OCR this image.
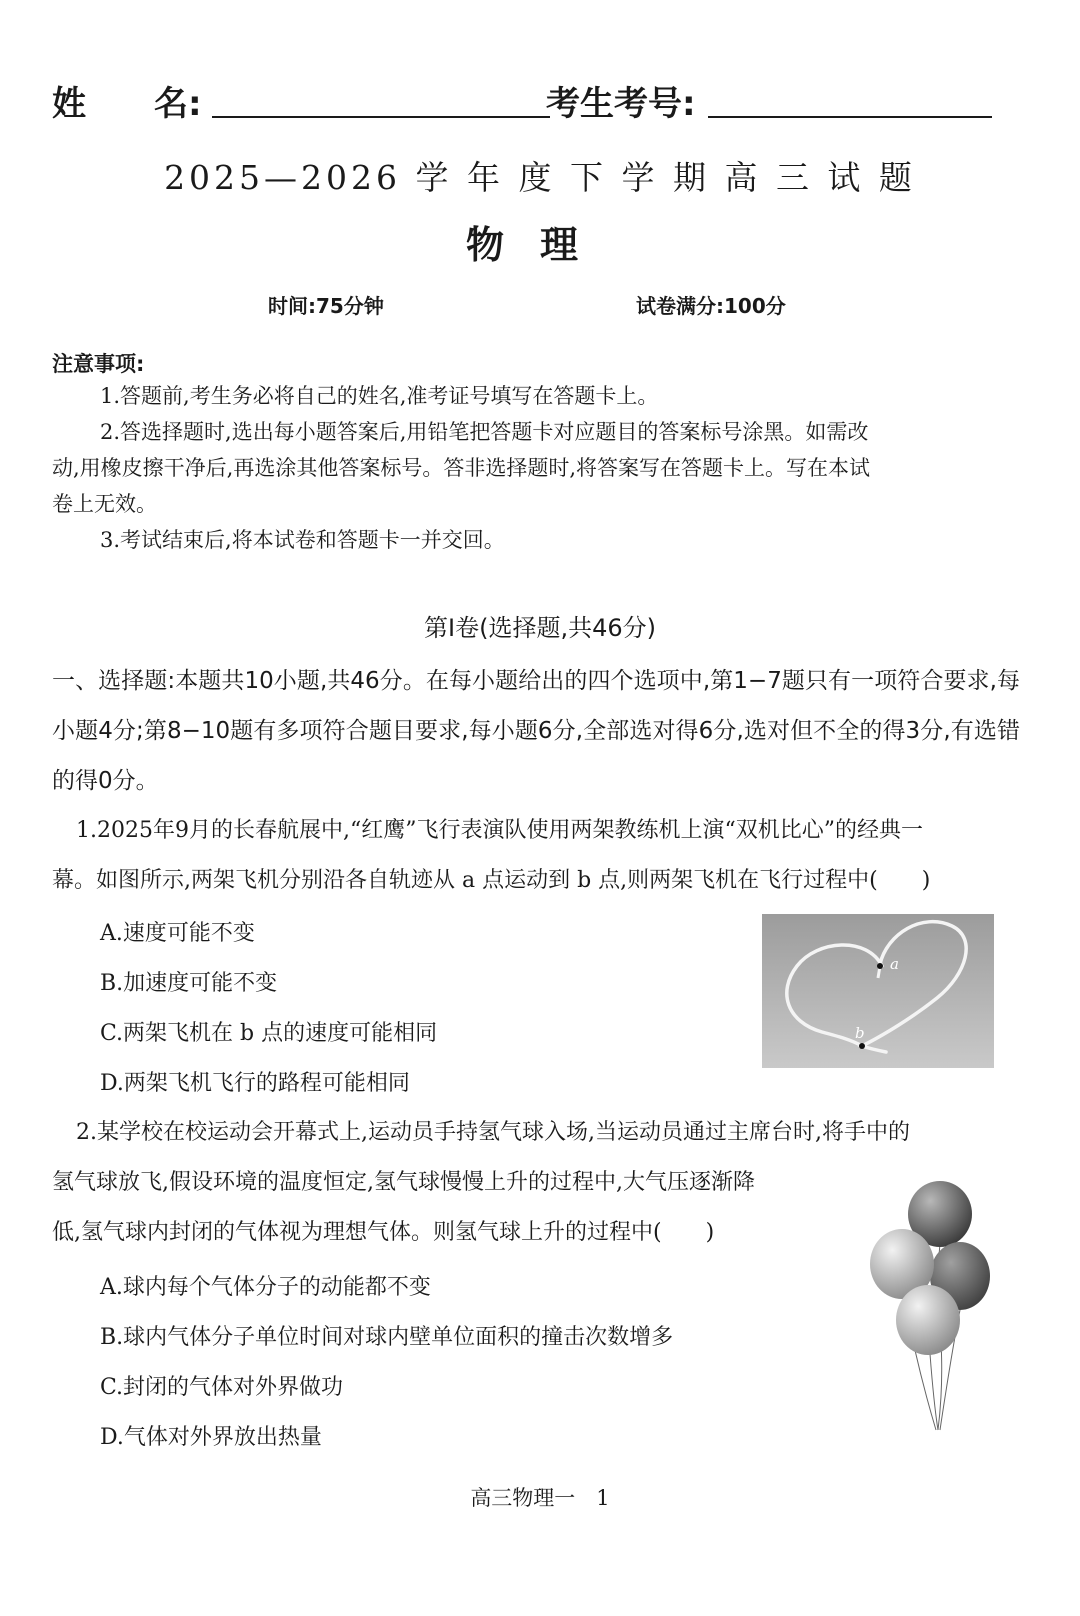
姓　　名:	考生考号:
2025—2026 学 年 度 下 学 期 高 三 试 题
物理
时间:75分钟	试卷满分:100分
注意事项:
1.答题前,考生务必将自己的姓名,准考证号填写在答题卡上。
2.答选择题时,选出每小题答案后,用铅笔把答题卡对应题目的答案标号涂黑。如需改
动,用橡皮擦干净后,再选涂其他答案标号。答非选择题时,将答案写在答题卡上。写在本试
卷上无效。
3.考试结束后,将本试卷和答题卡一并交回。
第Ⅰ卷(选择题,共46分)
一、选择题:本题共10小题,共46分。在每小题给出的四个选项中,第1−7题只有一项符合要求,每小题4分;第8−10题有多项符合题目要求,每小题6分,全部选对得6分,选对但不全的得3分,有选错的得0分。
1.2025年9月的长春航展中,“红鹰”飞行表演队使用两架教练机上演“双机比心”的经典一
幕。如图所示,两架飞机分别沿各自轨迹从 a 点运动到 b 点,则两架飞机在飞行过程中(　　)
A.速度可能不变
B.加速度可能不变
C.两架飞机在 b 点的速度可能相同
D.两架飞机飞行的路程可能相同
a
b
2.某学校在校运动会开幕式上,运动员手持氢气球入场,当运动员通过主席台时,将手中的
氢气球放飞,假设环境的温度恒定,氢气球慢慢上升的过程中,大气压逐渐降
低,氢气球内封闭的气体视为理想气体。则氢气球上升的过程中(　　)
A.球内每个气体分子的动能都不变
B.球内气体分子单位时间对球内壁单位面积的撞击次数增多
C.封闭的气体对外界做功
D.气体对外界放出热量
高三物理一　1
